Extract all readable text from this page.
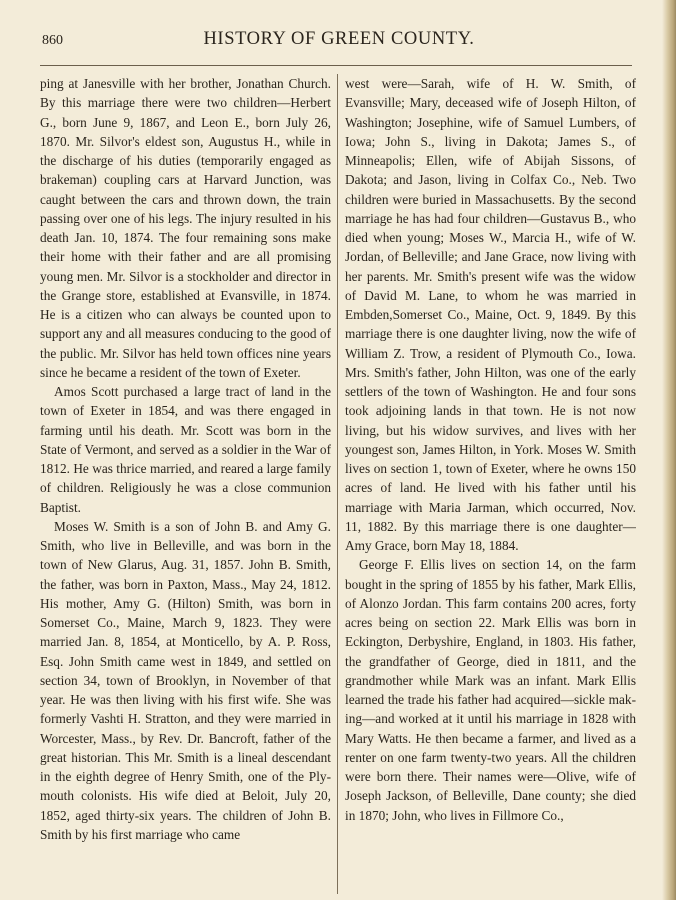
860	HISTORY OF GREEN COUNTY.

ping at Janesville with her brother, Jonathan Church. By this marriage there were two children—Herbert G., born June 9, 1867, and Leon E., born July 26, 1870. Mr. Silvor's eldest son, Augustus H., while in the discharge of his duties (temporarily engaged as brakeman) coupling cars at Harvard Junction, was caught between the cars and thrown down, the train passing over one of his legs. The injury resulted in his death Jan. 10, 1874. The four remaining sons make their home with their father and are all promising young men. Mr. Silvor is a stockholder and director in the Grange store, established at Evansville, in 1874. He is a citizen who can always be counted upon to support any and all measures conducing to the good of the public. Mr. Silvor has held town offices nine years since he became a resident of the town of Exeter.

Amos Scott purchased a large tract of land in the town of Exeter in 1854, and was there engaged in farming until his death. Mr. Scott was born in the State of Vermont, and served as a soldier in the War of 1812. He was thrice married, and reared a large family of children. Religiously he was a close communion Baptist.

Moses W. Smith is a son of John B. and Amy G. Smith, who live in Belleville, and was born in the town of New Glarus, Aug. 31, 1857. John B. Smith, the father, was born in Paxton, Mass., May 24, 1812. His mother, Amy G. (Hilton) Smith, was born in Somerset Co., Maine, March 9, 1823. They were married Jan. 8, 1854, at Monticello, by A. P. Ross, Esq. John Smith came west in 1849, and settled on section 34, town of Brooklyn, in November of that year. He was then living with his first wife. She was formerly Vashti H. Stratton, and they were married in Worcester, Mass., by Rev. Dr. Bancroft, father of the great historian. This Mr. Smith is a lineal descendant in the eighth degree of Henry Smith, one of the Plymouth colonists. His wife died at Beloit, July 20, 1852, aged thirty-six years. The children of John B. Smith by his first marriage who came

west were—Sarah, wife of H. W. Smith, of Evansville; Mary, deceased wife of Joseph Hilton, of Washington; Josephine, wife of Samuel Lumbers, of Iowa; John S., living in Dakota; James S., of Minneapolis; Ellen, wife of Abijah Sissons, of Dakota; and Jason, living in Colfax Co., Neb. Two children were buried in Massachusetts. By the second marriage he has had four children—Gustavus B., who died when young; Moses W., Marcia H., wife of W. Jordan, of Belleville; and Jane Grace, now living with her parents. Mr. Smith's present wife was the widow of David M. Lane, to whom he was married in Embden,Somerset Co., Maine, Oct. 9, 1849. By this marriage there is one daughter living, now the wife of William Z. Trow, a resident of Plymouth Co., Iowa. Mrs. Smith's father, John Hilton, was one of the early settlers of the town of Washington. He and four sons took adjoining lands in that town. He is not now living, but his widow survives, and lives with her youngest son, James Hilton, in York. Moses W. Smith lives on section 1, town of Exeter, where he owns 150 acres of land. He lived with his father until his marriage with Maria Jarman, which occurred, Nov. 11, 1882. By this marriage there is one daughter—Amy Grace, born May 18, 1884.

George F. Ellis lives on section 14, on the farm bought in the spring of 1855 by his father, Mark Ellis, of Alonzo Jordan. This farm contains 200 acres, forty acres being on section 22. Mark Ellis was born in Eckington, Derbyshire, England, in 1803. His father, the grandfather of George, died in 1811, and the grandmother while Mark was an infant. Mark Ellis learned the trade his father had acquired—sickle making—and worked at it until his marriage in 1828 with Mary Watts. He then became a farmer, and lived as a renter on one farm twenty-two years. All the children were born there. Their names were—Olive, wife of Joseph Jackson, of Belleville, Dane county; she died in 1870; John, who lives in Fillmore Co.,
